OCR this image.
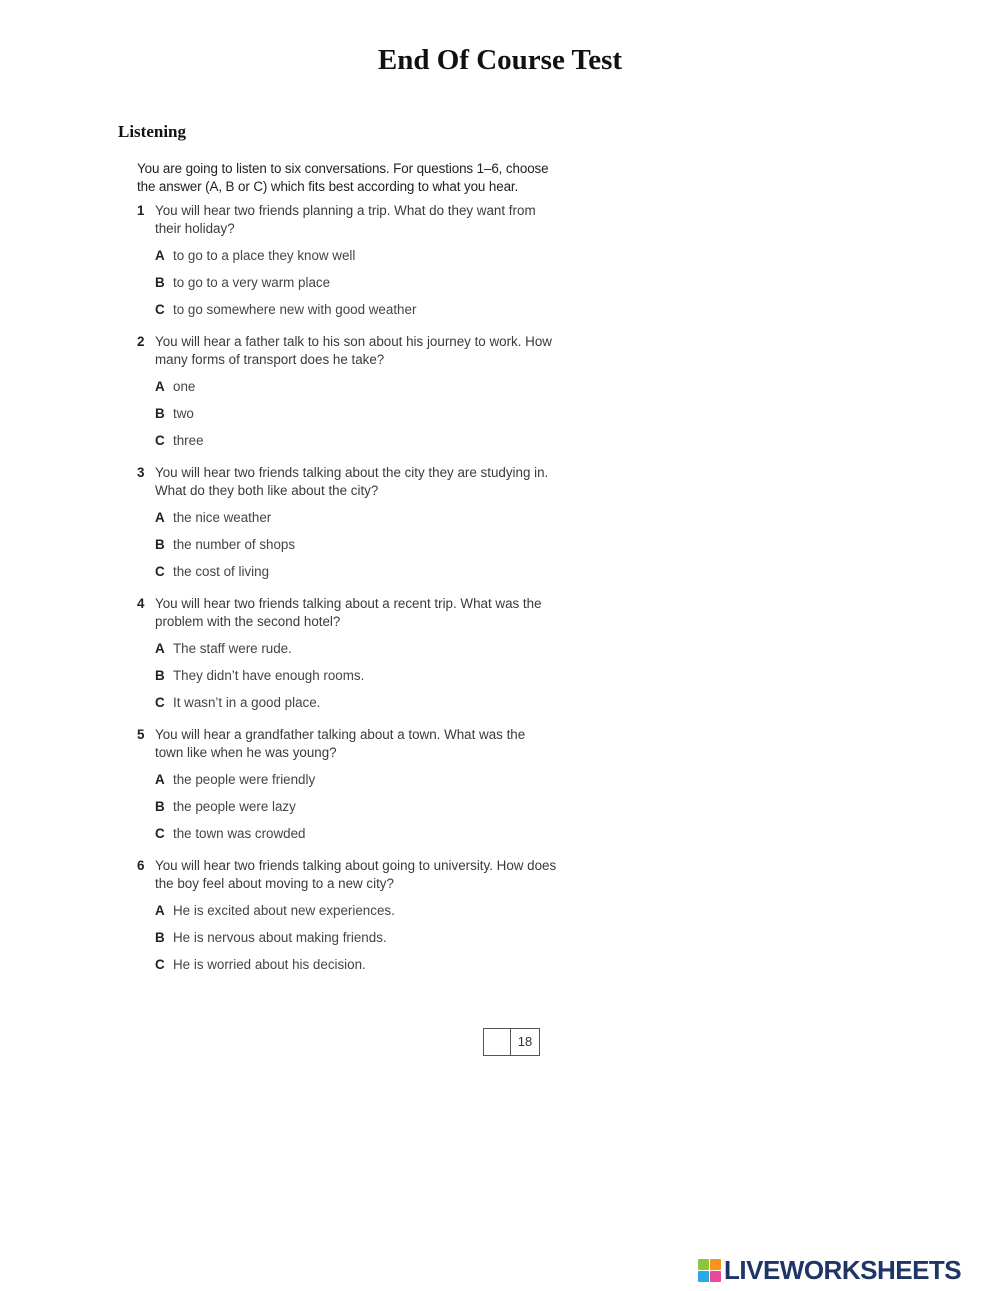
End Of Course Test
Listening
You are going to listen to six conversations. For questions 1–6, choose the answer (A, B or C) which fits best according to what you hear.
1 You will hear two friends planning a trip. What do they want from their holiday?
A to go to a place they know well
B to go to a very warm place
C to go somewhere new with good weather
2 You will hear a father talk to his son about his journey to work. How many forms of transport does he take?
A one
B two
C three
3 You will hear two friends talking about the city they are studying in. What do they both like about the city?
A the nice weather
B the number of shops
C the cost of living
4 You will hear two friends talking about a recent trip. What was the problem with the second hotel?
A The staff were rude.
B They didn’t have enough rooms.
C It wasn’t in a good place.
5 You will hear a grandfather talking about a town. What was the town like when he was young?
A the people were friendly
B the people were lazy
C the town was crowded
6 You will hear two friends talking about going to university. How does the boy feel about moving to a new city?
A He is excited about new experiences.
B He is nervous about making friends.
C He is worried about his decision.
18
LIVEWORKSHEETS
